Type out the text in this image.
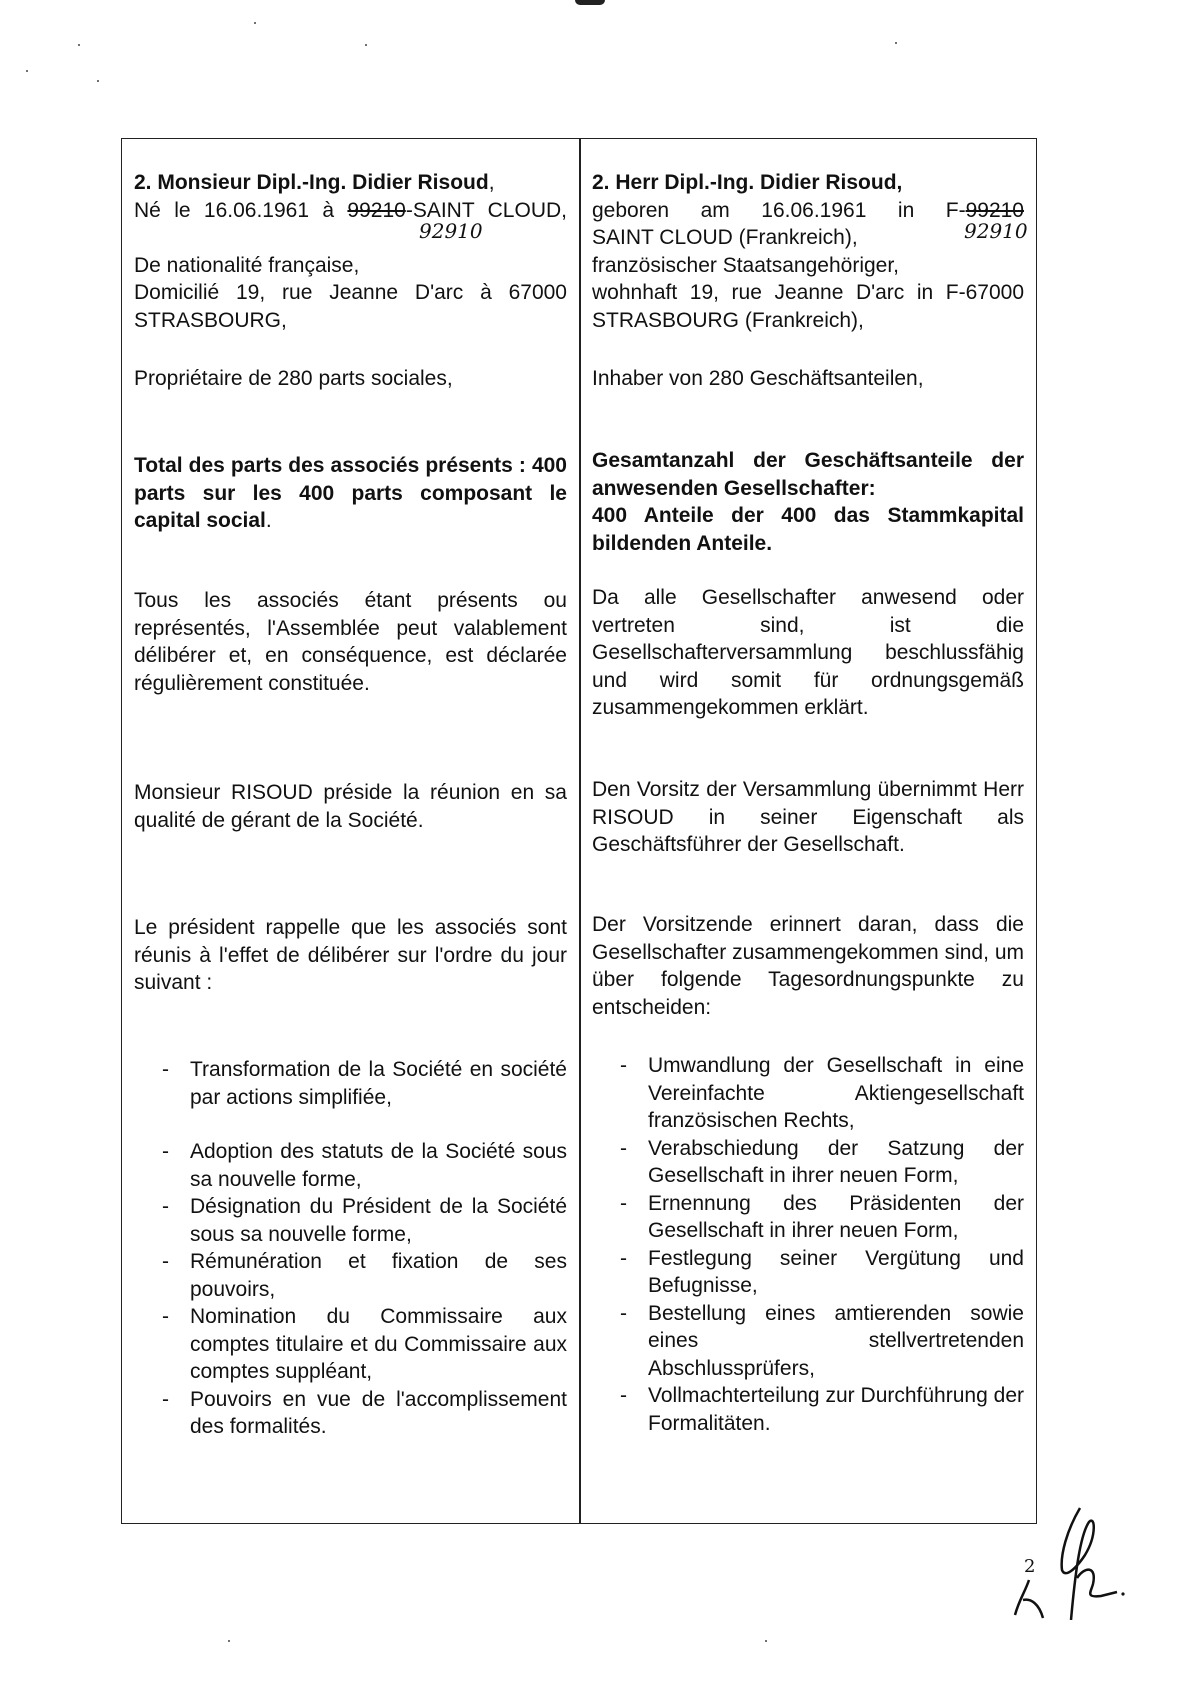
2. Monsieur Dipl.-Ing. Didier Risoud,
Né le 16.06.1961 à 99210-SAINT CLOUD,
De nationalité française,
Domicilié 19, rue Jeanne D'arc à 67000 STRASBOURG,
92910
Propriétaire de 280 parts sociales,
Total des parts des associés présents : 400 parts sur les 400 parts composant le capital social.
Tous les associés étant présents ou représentés, l'Assemblée peut valablement délibérer et, en conséquence, est déclarée régulièrement constituée.
Monsieur RISOUD préside la réunion en sa qualité de gérant de la Société.
Le président rappelle que les associés sont réunis à l'effet de délibérer sur l'ordre du jour suivant :
- Transformation de la Société en société par actions simplifiée,
- Adoption des statuts de la Société sous sa nouvelle forme,
- Désignation du Président de la Société sous sa nouvelle forme,
- Rémunération et fixation de ses pouvoirs,
- Nomination du Commissaire aux comptes titulaire et du Commissaire aux comptes suppléant,
- Pouvoirs en vue de l'accomplissement des formalités.
2. Herr Dipl.-Ing. Didier Risoud,
geboren am 16.06.1961 in F-99210
SAINT CLOUD (Frankreich),
französischer Staatsangehöriger,
wohnhaft 19, rue Jeanne D'arc in F-67000 STRASBOURG (Frankreich),
92910
Inhaber von 280 Geschäftsanteilen,
Gesamtanzahl der Geschäftsanteile der anwesenden Gesellschafter:
400 Anteile der 400 das Stammkapital bildenden Anteile.
Da alle Gesellschafter anwesend oder vertreten sind, ist die Gesellschafterversammlung beschlussfähig und wird somit für ordnungsgemäß zusammengekommen erklärt.
Den Vorsitz der Versammlung übernimmt Herr RISOUD in seiner Eigenschaft als Geschäftsführer der Gesellschaft.
Der Vorsitzende erinnert daran, dass die Gesellschafter zusammengekommen sind, um über folgende Tagesordnungspunkte zu entscheiden:
- Umwandlung der Gesellschaft in eine Vereinfachte Aktiengesellschaft französischen Rechts,
- Verabschiedung der Satzung der Gesellschaft in ihrer neuen Form,
- Ernennung des Präsidenten der Gesellschaft in ihrer neuen Form,
- Festlegung seiner Vergütung und Befugnisse,
- Bestellung eines amtierenden sowie eines stellvertretenden Abschlussprüfers,
- Vollmachterteilung zur Durchführung der Formalitäten.
2
